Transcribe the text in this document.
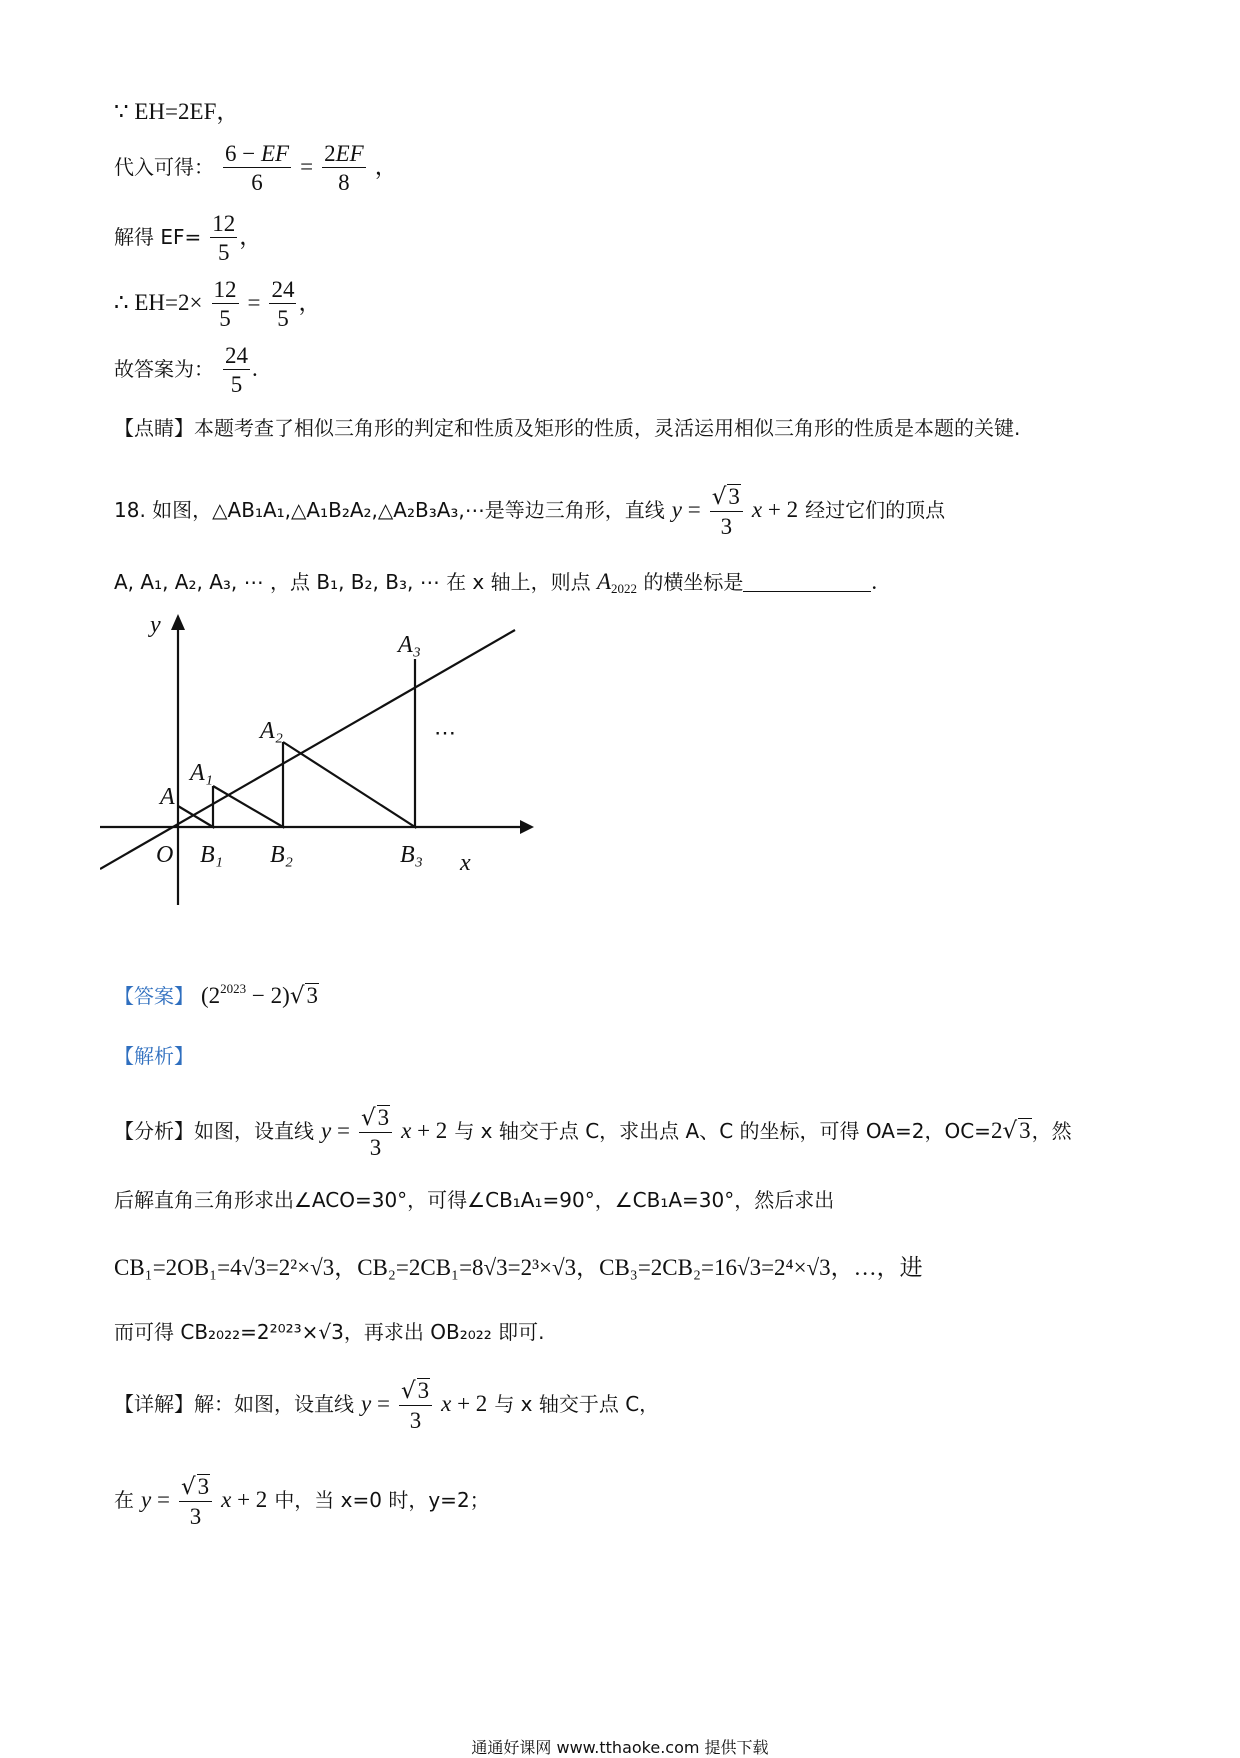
∵ EH=2EF，
代入可得： $\frac{6 - EF}{6} = \frac{2EF}{8}$ ，
解得 $EF= \frac{12}{5}$ ，
∴ $EH=2\times \frac{12}{5} = \frac{24}{5}$ ，
故答案为： $\frac{24}{5}$ .
【点睛】本题考查了相似三角形的判定和性质及矩形的性质，灵活运用相似三角形的性质是本题的关键.
18. 如图，△AB₁A₁,△A₁B₂A₂,△A₂B₃A₃,⋯是等边三角形，直线 $y = \frac{√3}{3}$ x + 2 经过它们的顶点
A, A₁, A₂, A₃, ⋯ ，点 B₁, B₂, B₃, ⋯ 在 x 轴上，则点 $A_{2022}$ 的横坐标是	.
y
x
O
A
A₁
A₂
A₃
B₁ B₂	B₃
⋯
【答案】 $(2^{2023} - 2)√3$
【解析】
【分析】如图，设直线 $y = \frac{√3}{3}$ x + 2 与 x 轴交于点 C，求出点 A、C 的坐标，可得 OA=2，OC=2√3，然
后解直角三角形求出∠ACO=30°，可得∠CB₁A₁=90°，∠CB₁A=30°，然后求出
CB₁=2OB₁=4√3=2²×√3，CB₂=2CB₁=8√3=2³×√3，CB₃=2CB₂=16√3=2⁴×√3，…，进
而可得 CB₂₀₂₂=2²⁰²³×√3，再求出 OB₂₀₂₂ 即可.
【详解】解：如图，设直线 $y = \frac{√3}{3}$ x + 2 与 x 轴交于点 C，
在 $y = \frac{√3}{3}$ x + 2 中，当 x=0 时，y=2；
通通好课网 www.tthaoke.com 提供下载
